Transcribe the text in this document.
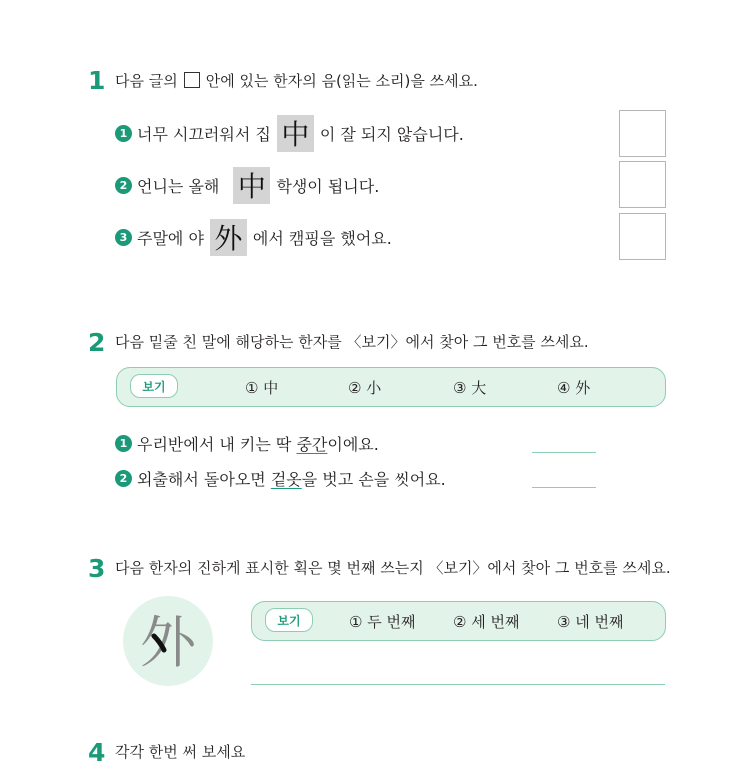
1 다음 글의 안에 있는 한자의 음(읽는 소리)을 쓰세요.
1 너무 시끄러워서 집 中 이 잘 되지 않습니다.
2 언니는 올해 中 학생이 됩니다.
3 주말에 야 外 에서 캠핑을 했어요.
2 다음 밑줄 친 말에 해당하는 한자를 〈보기〉에서 찾아 그 번호를 쓰세요.
보기	① 中	② 小	③ 大	④ 外
1 우리반에서 내 키는 딱 중간 이에요.
2 외출해서 돌아오면 겉옷 을 벗고 손을 씻어요.
3 다음 한자의 진하게 표시한 획은 몇 번째 쓰는지 〈보기〉에서 찾아 그 번호를 쓰세요.
外	보기	① 두 번째	② 세 번째	③ 네 번째
4 각각 한번 써 보세요
